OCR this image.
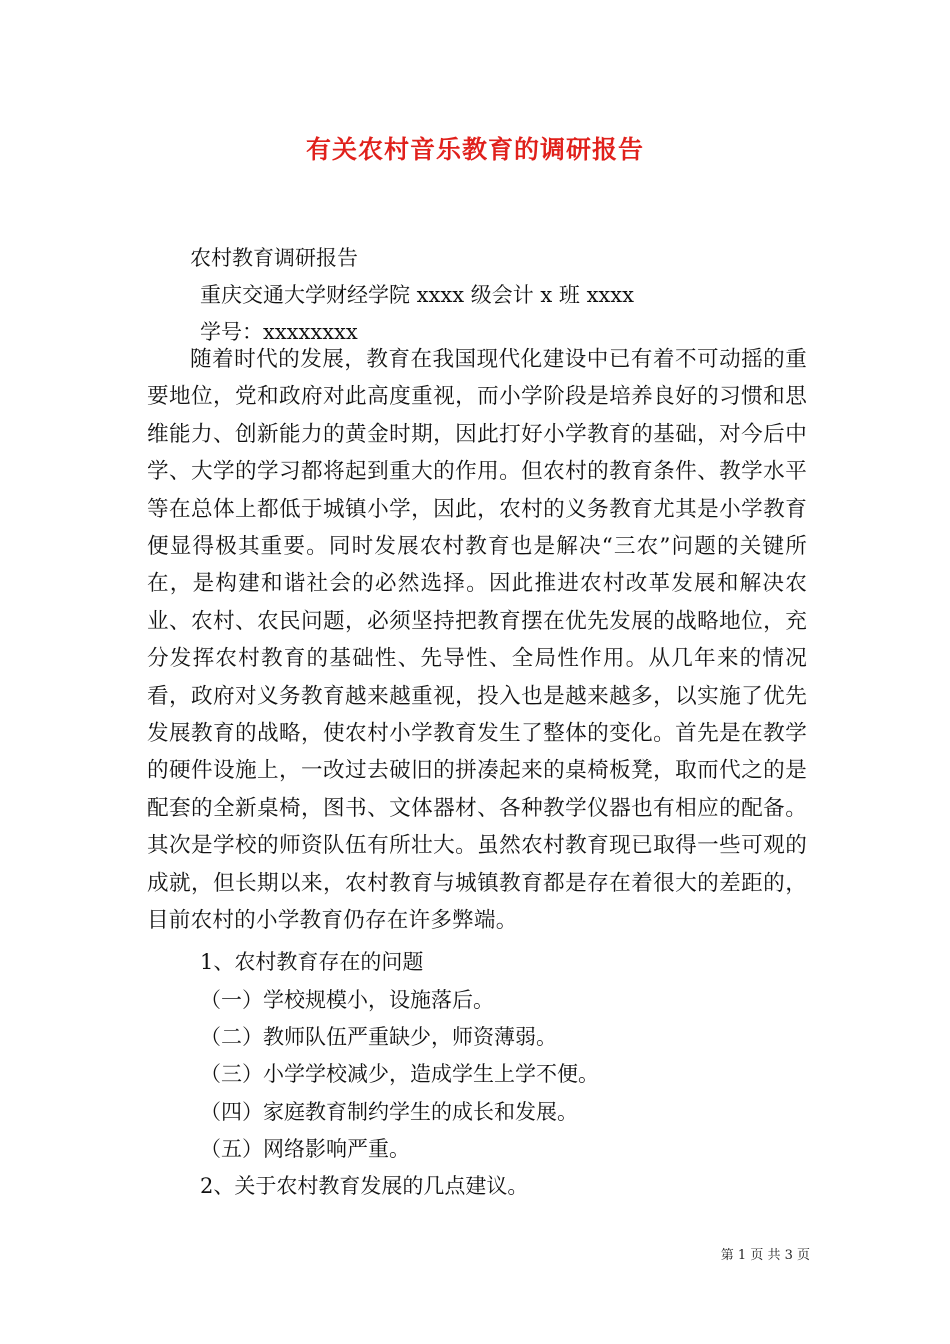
有关农村音乐教育的调研报告
农村教育调研报告
重庆交通大学财经学院 xxxx 级会计 x 班 xxxx
学号：xxxxxxxx
随着时代的发展，教育在我国现代化建设中已有着不可动摇的重要地位，党和政府对此高度重视，而小学阶段是培养良好的习惯和思维能力、创新能力的黄金时期，因此打好小学教育的基础，对今后中学、大学的学习都将起到重大的作用。但农村的教育条件、教学水平等在总体上都低于城镇小学，因此，农村的义务教育尤其是小学教育便显得极其重要。同时发展农村教育也是解决“三农”问题的关键所在，是构建和谐社会的必然选择。因此推进农村改革发展和解决农业、农村、农民问题，必须坚持把教育摆在优先发展的战略地位，充分发挥农村教育的基础性、先导性、全局性作用。从几年来的情况看，政府对义务教育越来越重视，投入也是越来越多，以实施了优先发展教育的战略，使农村小学教育发生了整体的变化。首先是在教学的硬件设施上，一改过去破旧的拼凑起来的桌椅板凳，取而代之的是配套的全新桌椅，图书、文体器材、各种教学仪器也有相应的配备。其次是学校的师资队伍有所壮大。虽然农村教育现已取得一些可观的成就，但长期以来，农村教育与城镇教育都是存在着很大的差距的，目前农村的小学教育仍存在许多弊端。
1、农村教育存在的问题
（一）学校规模小，设施落后。
（二）教师队伍严重缺少，师资薄弱。
（三）小学学校减少，造成学生上学不便。
（四）家庭教育制约学生的成长和发展。
（五）网络影响严重。
2、关于农村教育发展的几点建议。
第 1 页 共 3 页
